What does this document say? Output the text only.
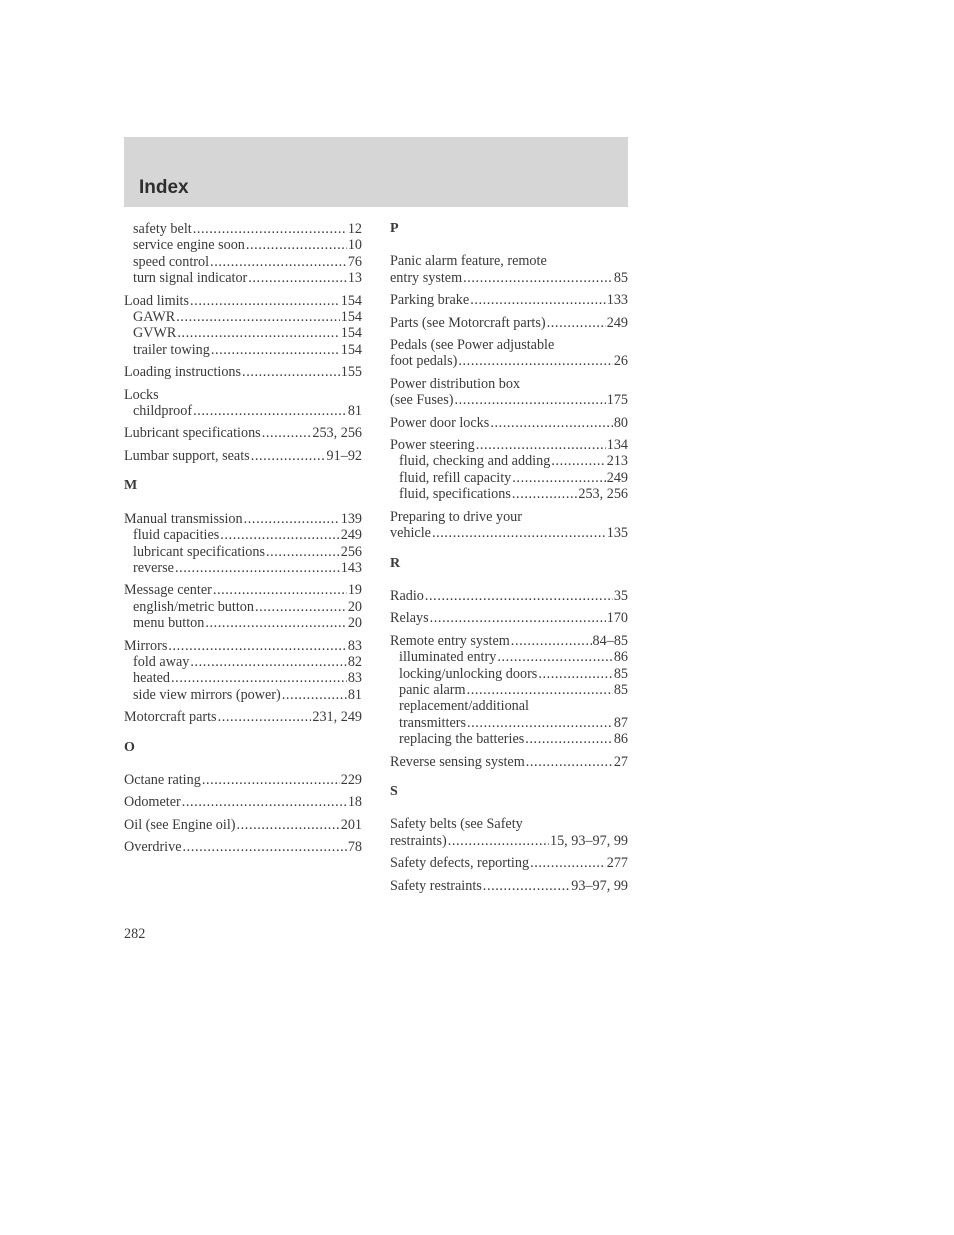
Index
safety belt .....	12
service engine soon .....	10
speed control .....	76
turn signal indicator .....	13
Load limits .....	154
GAWR .....	154
GVWR .....	154
trailer towing .....	154
Loading instructions .....	155
Locks
childproof .....	81
Lubricant specifications .....	253, 256
Lumbar support, seats .....	91–92
M
Manual transmission .....	139
fluid capacities .....	249
lubricant specifications .....	256
reverse .....	143
Message center .....	19
english/metric button .....	20
menu button .....	20
Mirrors .....	83
fold away .....	82
heated .....	83
side view mirrors (power) .....	81
Motorcraft parts .....	231, 249
O
Octane rating .....	229
Odometer .....	18
Oil (see Engine oil) .....	201
Overdrive .....	78
P
Panic alarm feature, remote
entry system .....	85
Parking brake .....	133
Parts (see Motorcraft parts) .....	249
Pedals (see Power adjustable
foot pedals) .....	26
Power distribution box
(see Fuses) .....	175
Power door locks .....	80
Power steering .....	134
fluid, checking and adding .....	213
fluid, refill capacity .....	249
fluid, specifications .....	253, 256
Preparing to drive your
vehicle .....	135
R
Radio .....	35
Relays .....	170
Remote entry system .....	84–85
illuminated entry .....	86
locking/unlocking doors .....	85
panic alarm .....	85
replacement/additional
transmitters .....	87
replacing the batteries .....	86
Reverse sensing system .....	27
S
Safety belts (see Safety
restraints) .....	15, 93–97, 99
Safety defects, reporting .....	277
Safety restraints .....	93–97, 99
282
